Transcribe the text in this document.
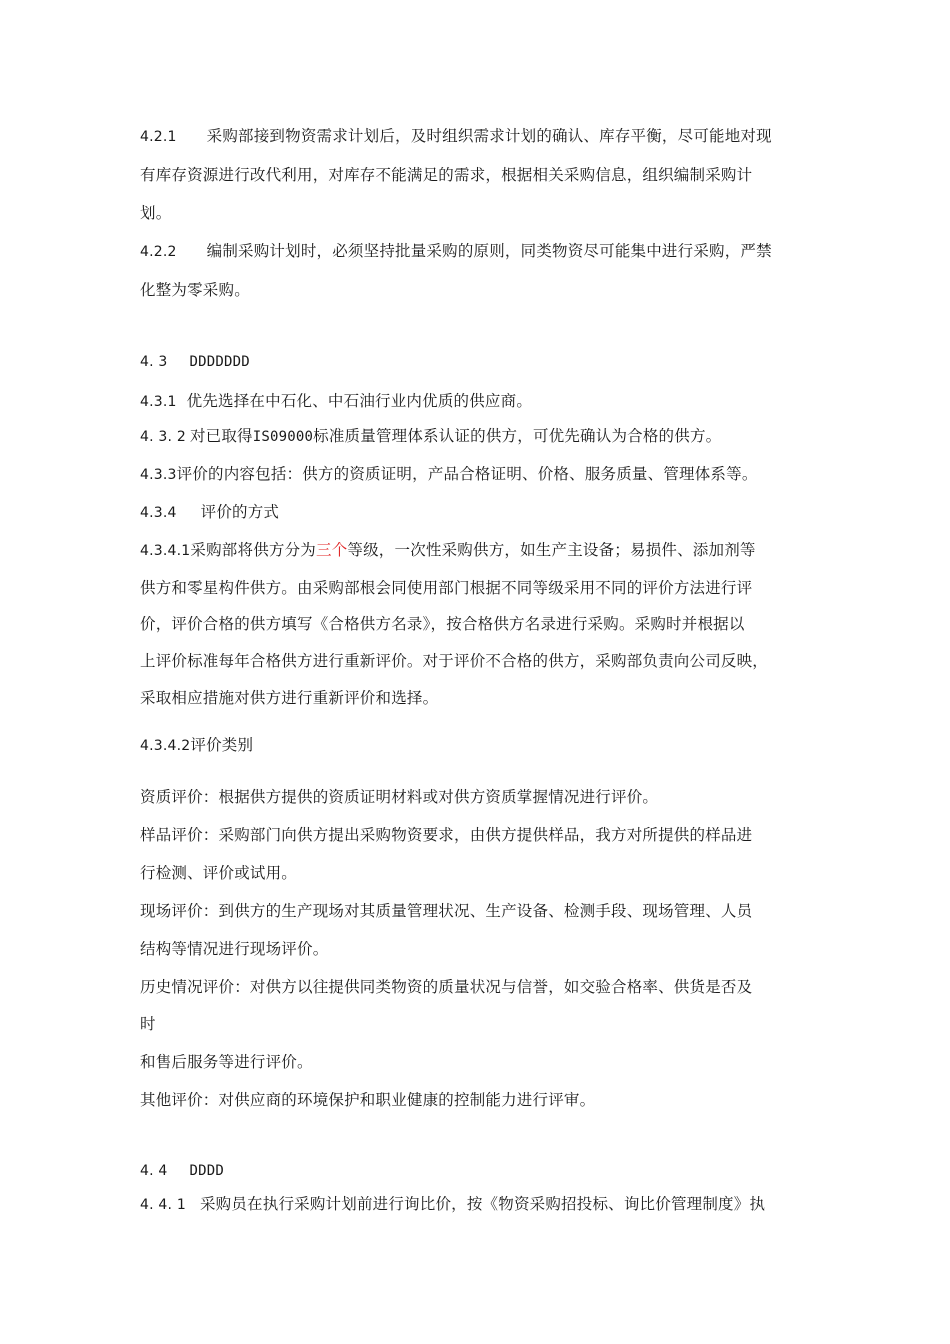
4.2.1 采购部接到物资需求计划后，及时组织需求计划的确认、库存平衡，尽可能地对现
有库存资源进行改代利用，对库存不能满足的需求，根据相关采购信息，组织编制采购计
划。
4.2.2 编制采购计划时，必须坚持批量采购的原则，同类物资尽可能集中进行采购，严禁
化整为零采购。
4. 3 DDDDDDD
4.3.1 优先选择在中石化、中石油行业内优质的供应商。
4. 3. 2 对已取得IS09000标准质量管理体系认证的供方，可优先确认为合格的供方。
4.3.3评价的内容包括：供方的资质证明，产品合格证明、价格、服务质量、管理体系等。
4.3.4 评价的方式
4.3.4.1采购部将供方分为三个等级，一次性采购供方，如生产主设备；易损件、添加剂等
供方和零星构件供方。由采购部根会同使用部门根据不同等级采用不同的评价方法进行评
价，评价合格的供方填写《合格供方名录》，按合格供方名录进行采购。采购时并根据以
上评价标准每年合格供方进行重新评价。对于评价不合格的供方，采购部负责向公司反映，
采取相应措施对供方进行重新评价和选择。
4.3.4.2评价类别
资质评价：根据供方提供的资质证明材料或对供方资质掌握情况进行评价。
样品评价：采购部门向供方提出采购物资要求，由供方提供样品，我方对所提供的样品进
行检测、评价或试用。
现场评价：到供方的生产现场对其质量管理状况、生产设备、检测手段、现场管理、人员
结构等情况进行现场评价。
历史情况评价：对供方以往提供同类物资的质量状况与信誉，如交验合格率、供货是否及
时
和售后服务等进行评价。
其他评价：对供应商的环境保护和职业健康的控制能力进行评审。
4. 4 DDDD
4. 4. 1 采购员在执行采购计划前进行询比价，按《物资采购招投标、询比价管理制度》执
